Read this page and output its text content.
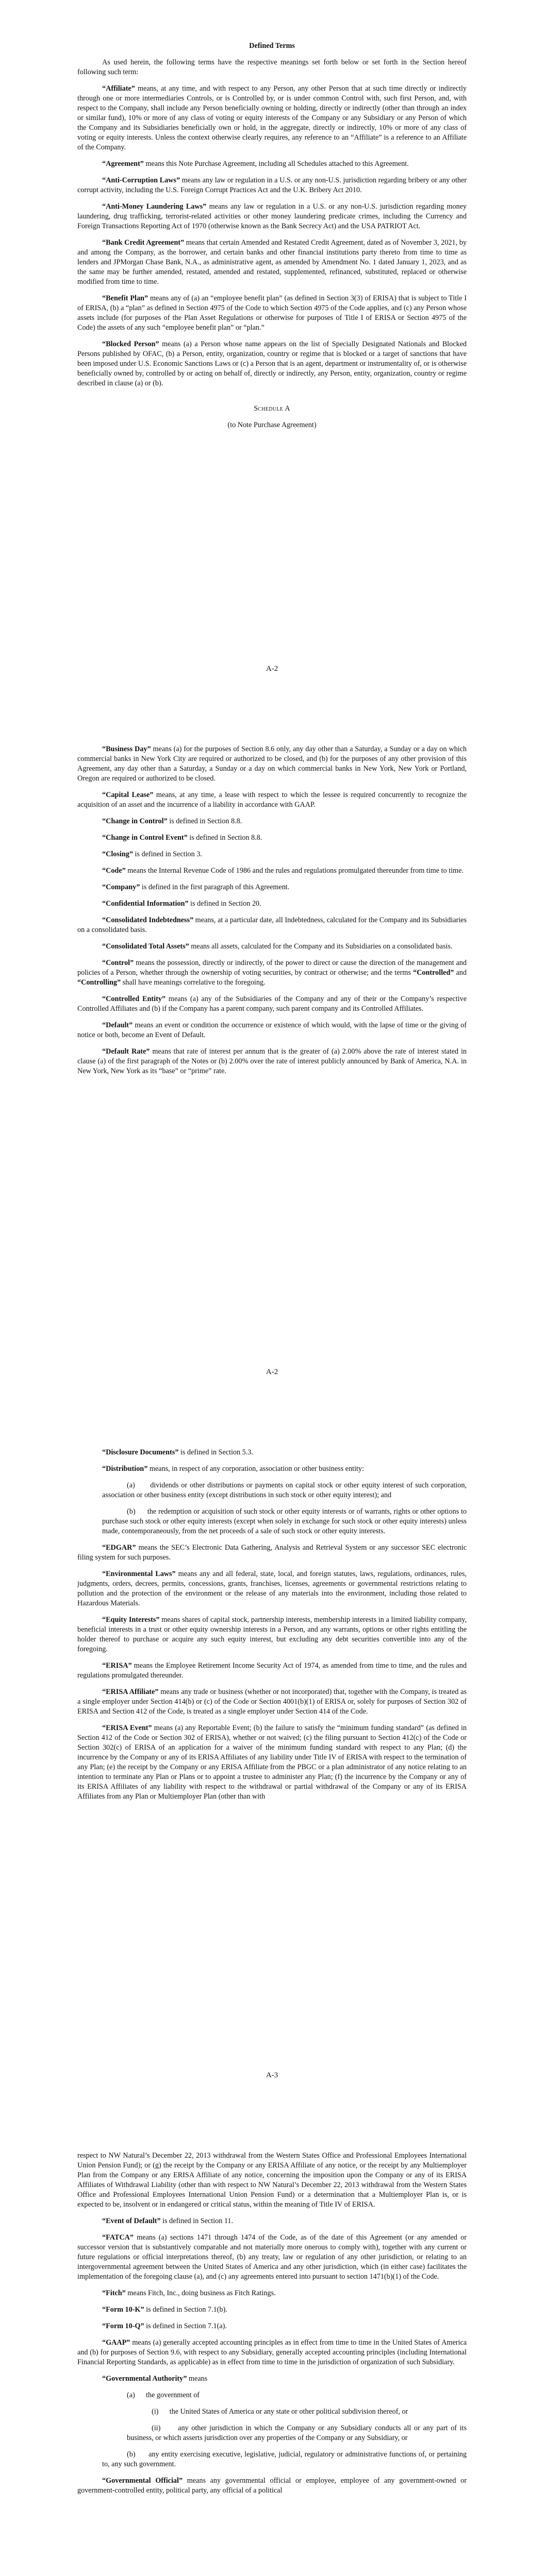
Defined Terms

As used herein, the following terms have the respective meanings set forth below or set forth in the Section hereof following such term:

“Affiliate” means, at any time, and with respect to any Person, any other Person that at such time directly or indirectly through one or more intermediaries Controls, or is Controlled by, or is under common Control with, such first Person, and, with respect to the Company, shall include any Person beneficially owning or holding, directly or indirectly (other than through an index or similar fund), 10% or more of any class of voting or equity interests of the Company or any Subsidiary or any Person of which the Company and its Subsidiaries beneficially own or hold, in the aggregate, directly or indirectly, 10% or more of any class of voting or equity interests. Unless the context otherwise clearly requires, any reference to an “Affiliate” is a reference to an Affiliate of the Company.

“Agreement” means this Note Purchase Agreement, including all Schedules attached to this Agreement.

“Anti-Corruption Laws” means any law or regulation in a U.S. or any non-U.S. jurisdiction regarding bribery or any other corrupt activity, including the U.S. Foreign Corrupt Practices Act and the U.K. Bribery Act 2010.

“Anti-Money Laundering Laws” means any law or regulation in a U.S. or any non-U.S. jurisdiction regarding money laundering, drug trafficking, terrorist-related activities or other money laundering predicate crimes, including the Currency and Foreign Transactions Reporting Act of 1970 (otherwise known as the Bank Secrecy Act) and the USA PATRIOT Act.

“Bank Credit Agreement” means that certain Amended and Restated Credit Agreement, dated as of November 3, 2021, by and among the Company, as the borrower, and certain banks and other financial institutions party thereto from time to time as lenders and JPMorgan Chase Bank, N.A., as administrative agent, as amended by Amendment No. 1 dated January 1, 2023, and as the same may be further amended, restated, amended and restated, supplemented, refinanced, substituted, replaced or otherwise modified from time to time.

“Benefit Plan” means any of (a) an “employee benefit plan” (as defined in Section 3(3) of ERISA) that is subject to Title I of ERISA, (b) a “plan” as defined in Section 4975 of the Code to which Section 4975 of the Code applies, and (c) any Person whose assets include (for purposes of the Plan Asset Regulations or otherwise for purposes of Title I of ERISA or Section 4975 of the Code) the assets of any such “employee benefit plan” or “plan.”

“Blocked Person” means (a) a Person whose name appears on the list of Specially Designated Nationals and Blocked Persons published by OFAC, (b) a Person, entity, organization, country or regime that is blocked or a target of sanctions that have been imposed under U.S. Economic Sanctions Laws or (c) a Person that is an agent, department or instrumentality of, or is otherwise beneficially owned by, controlled by or acting on behalf of, directly or indirectly, any Person, entity, organization, country or regime described in clause (a) or (b).

Schedule A

(to Note Purchase Agreement)

A-2

“Business Day” means (a) for the purposes of Section 8.6 only, any day other than a Saturday, a Sunday or a day on which commercial banks in New York City are required or authorized to be closed, and (b) for the purposes of any other provision of this Agreement, any day other than a Saturday, a Sunday or a day on which commercial banks in New York, New York or Portland, Oregon are required or authorized to be closed.

“Capital Lease” means, at any time, a lease with respect to which the lessee is required concurrently to recognize the acquisition of an asset and the incurrence of a liability in accordance with GAAP.

“Change in Control” is defined in Section 8.8.

“Change in Control Event” is defined in Section 8.8.

“Closing” is defined in Section 3.

“Code” means the Internal Revenue Code of 1986 and the rules and regulations promulgated thereunder from time to time.

“Company” is defined in the first paragraph of this Agreement.

“Confidential Information” is defined in Section 20.

“Consolidated Indebtedness” means, at a particular date, all Indebtedness, calculated for the Company and its Subsidiaries on a consolidated basis.

“Consolidated Total Assets” means all assets, calculated for the Company and its Subsidiaries on a consolidated basis.

“Control” means the possession, directly or indirectly, of the power to direct or cause the direction of the management and policies of a Person, whether through the ownership of voting securities, by contract or otherwise; and the terms “Controlled” and “Controlling” shall have meanings correlative to the foregoing.

“Controlled Entity” means (a) any of the Subsidiaries of the Company and any of their or the Company’s respective Controlled Affiliates and (b) if the Company has a parent company, such parent company and its Controlled Affiliates.

“Default” means an event or condition the occurrence or existence of which would, with the lapse of time or the giving of notice or both, become an Event of Default.

“Default Rate” means that rate of interest per annum that is the greater of (a) 2.00% above the rate of interest stated in clause (a) of the first paragraph of the Notes or (b) 2.00% over the rate of interest publicly announced by Bank of America, N.A. in New York, New York as its “base” or “prime” rate.

A-2

“Disclosure Documents” is defined in Section 5.3.

“Distribution” means, in respect of any corporation, association or other business entity:

(a)      dividends or other distributions or payments on capital stock or other equity interest of such corporation, association or other business entity (except distributions in such stock or other equity interest); and

(b)      the redemption or acquisition of such stock or other equity interests or of warrants, rights or other options to purchase such stock or other equity interests (except when solely in exchange for such stock or other equity interests) unless made, contemporaneously, from the net proceeds of a sale of such stock or other equity interests.

“EDGAR” means the SEC’s Electronic Data Gathering, Analysis and Retrieval System or any successor SEC electronic filing system for such purposes.

“Environmental Laws” means any and all federal, state, local, and foreign statutes, laws, regulations, ordinances, rules, judgments, orders, decrees, permits, concessions, grants, franchises, licenses, agreements or governmental restrictions relating to pollution and the protection of the environment or the release of any materials into the environment, including those related to Hazardous Materials.

“Equity Interests” means shares of capital stock, partnership interests, membership interests in a limited liability company, beneficial interests in a trust or other equity ownership interests in a Person, and any warrants, options or other rights entitling the holder thereof to purchase or acquire any such equity interest, but excluding any debt securities convertible into any of the foregoing.

“ERISA” means the Employee Retirement Income Security Act of 1974, as amended from time to time, and the rules and regulations promulgated thereunder.

“ERISA Affiliate” means any trade or business (whether or not incorporated) that, together with the Company, is treated as a single employer under Section 414(b) or (c) of the Code or Section 4001(b)(1) of ERISA or, solely for purposes of Section 302 of ERISA and Section 412 of the Code, is treated as a single employer under Section 414 of the Code.

“ERISA Event” means (a) any Reportable Event; (b) the failure to satisfy the “minimum funding standard” (as defined in Section 412 of the Code or Section 302 of ERISA), whether or not waived; (c) the filing pursuant to Section 412(c) of the Code or Section 302(c) of ERISA of an application for a waiver of the minimum funding standard with respect to any Plan; (d) the incurrence by the Company or any of its ERISA Affiliates of any liability under Title IV of ERISA with respect to the termination of any Plan; (e) the receipt by the Company or any ERISA Affiliate from the PBGC or a plan administrator of any notice relating to an intention to terminate any Plan or Plans or to appoint a trustee to administer any Plan; (f) the incurrence by the Company or any of its ERISA Affiliates of any liability with respect to the withdrawal or partial withdrawal of the Company or any of its ERISA Affiliates from any Plan or Multiemployer Plan (other than with

A-3

respect to NW Natural’s December 22, 2013 withdrawal from the Western States Office and Professional Employees International Union Pension Fund); or (g) the receipt by the Company or any ERISA Affiliate of any notice, or the receipt by any Multiemployer Plan from the Company or any ERISA Affiliate of any notice, concerning the imposition upon the Company or any of its ERISA Affiliates of Withdrawal Liability (other than with respect to NW Natural’s December 22, 2013 withdrawal from the Western States Office and Professional Employees International Union Pension Fund) or a determination that a Multiemployer Plan is, or is expected to be, insolvent or in endangered or critical status, within the meaning of Title IV of ERISA.

“Event of Default” is defined in Section 11.

“FATCA” means (a) sections 1471 through 1474 of the Code, as of the date of this Agreement (or any amended or successor version that is substantively comparable and not materially more onerous to comply with), together with any current or future regulations or official interpretations thereof, (b) any treaty, law or regulation of any other jurisdiction, or relating to an intergovernmental agreement between the United States of America and any other jurisdiction, which (in either case) facilitates the implementation of the foregoing clause (a), and (c) any agreements entered into pursuant to section 1471(b)(1) of the Code.

“Fitch” means Fitch, Inc., doing business as Fitch Ratings.

“Form 10-K” is defined in Section 7.1(b).

“Form 10-Q” is defined in Section 7.1(a).

“GAAP” means (a) generally accepted accounting principles as in effect from time to time in the United States of America and (b) for purposes of Section 9.6, with respect to any Subsidiary, generally accepted accounting principles (including International Financial Reporting Standards, as applicable) as in effect from time to time in the jurisdiction of organization of such Subsidiary.

“Governmental Authority” means

(a)      the government of

(i)      the United States of America or any state or other political subdivision thereof, or

(ii)      any other jurisdiction in which the Company or any Subsidiary conducts all or any part of its business, or which asserts jurisdiction over any properties of the Company or any Subsidiary, or

(b)      any entity exercising executive, legislative, judicial, regulatory or administrative functions of, or pertaining to, any such government.

“Governmental Official” means any governmental official or employee, employee of any government-owned or government-controlled entity, political party, any official of a political
